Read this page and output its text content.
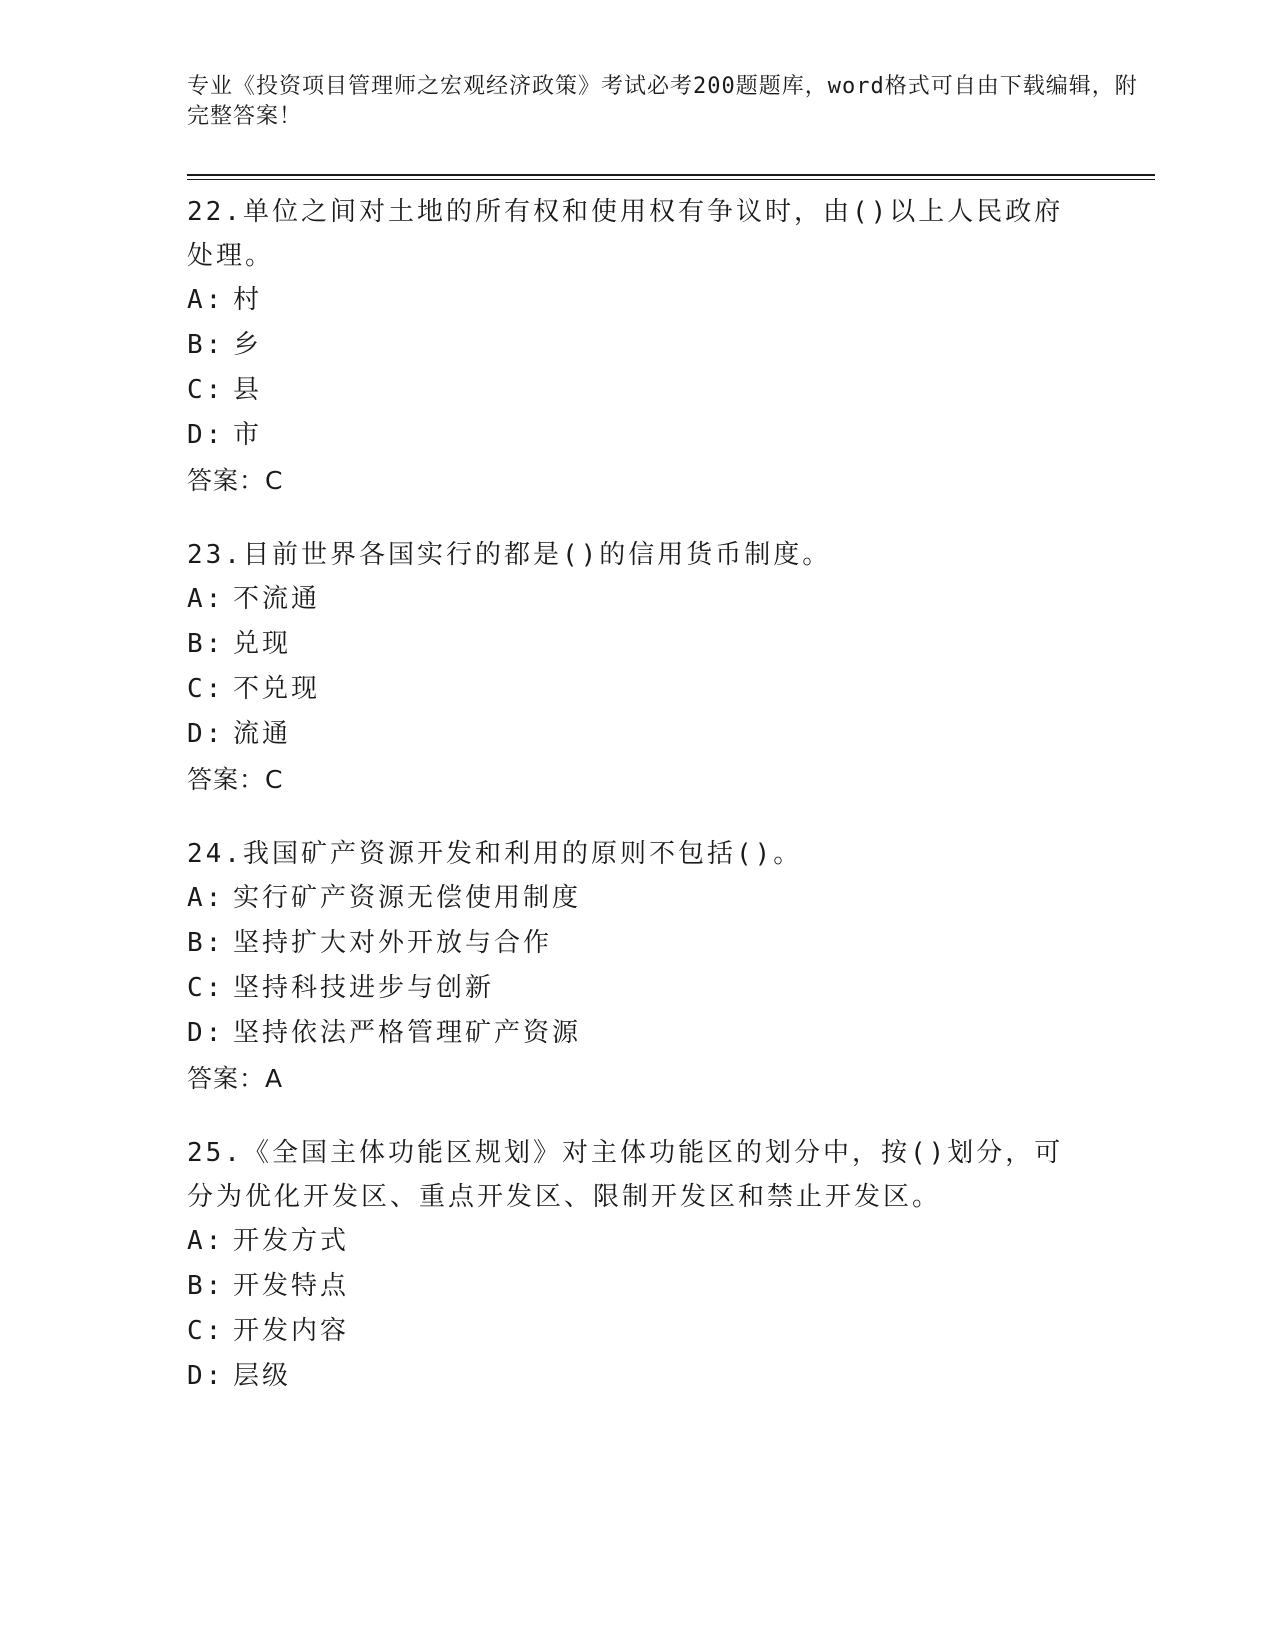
专业《投资项目管理师之宏观经济政策》考试必考200题题库，word格式可自由下载编辑，附完整答案！

22.单位之间对土地的所有权和使用权有争议时，由()以上人民政府处理。

A: 村
B: 乡
C: 县
D: 市

答案：C

23.目前世界各国实行的都是()的信用货币制度。

A: 不流通
B: 兑现
C: 不兑现
D: 流通

答案：C

24.我国矿产资源开发和利用的原则不包括()。

A: 实行矿产资源无偿使用制度
B: 坚持扩大对外开放与合作
C: 坚持科技进步与创新
D: 坚持依法严格管理矿产资源

答案：A

25.《全国主体功能区规划》对主体功能区的划分中，按()划分，可分为优化开发区、重点开发区、限制开发区和禁止开发区。

A: 开发方式
B: 开发特点
C: 开发内容
D: 层级
